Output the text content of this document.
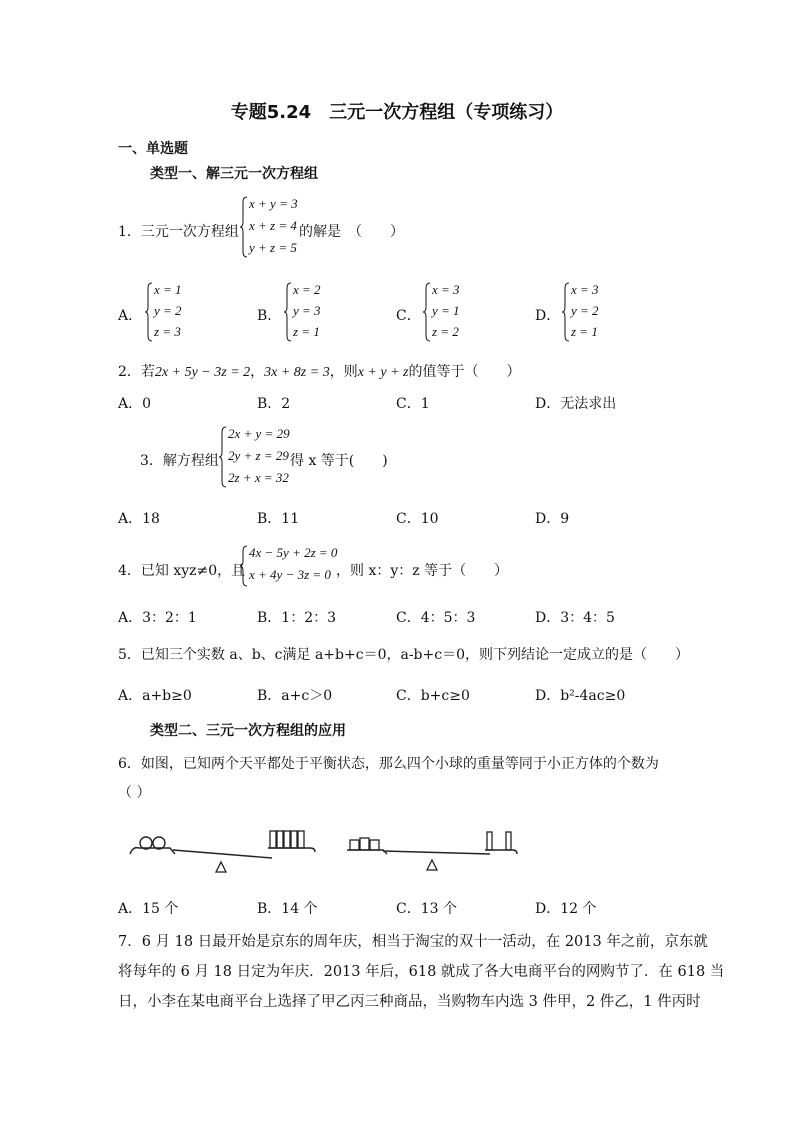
专题5.24　三元一次方程组（专项练习）
一、单选题
类型一、解三元一次方程组
1．三元一次方程组
x + y = 3
x + z = 4
y + z = 5
的解是　（　　）
A．
x = 1
y = 2
z = 3
B．
x = 2
y = 3
z = 1
C．
x = 3
y = 1
z = 2
D．
x = 3
y = 2
z = 1
2．若2x + 5y − 3z = 2，3x + 8z = 3，则x + y + z的值等于（　　）
A．0	B．2	C．1	D．无法求出
3．解方程组
2x + y = 29
2y + z = 29
2z + x = 32
得 x 等于(　　)
A．18	B．11	C．10	D．9
4．已知 xyz≠0，且
4x − 5y + 2z = 0
x + 4y − 3z = 0 ，则 x：y：z 等于（　　）
A．3：2：1	B．1：2：3	C．4：5：3	D．3：4：5
5．已知三个实数 a、b、c满足 a+b+c＝0，a-b+c＝0，则下列结论一定成立的是（　　）
A．a+b≥0	B．a+c＞0	C．b+c≥0	D．b²-4ac≥0
类型二、三元一次方程组的应用
6．如图，已知两个天平都处于平衡状态，那么四个小球的重量等同于小正方体的个数为
（ ）
A．15 个	B．14 个	C．13 个	D．12 个
7．6 月 18 日最开始是京东的周年庆，相当于淘宝的双十一活动，在 2013 年之前，京东就
将每年的 6 月 18 日定为年庆．2013 年后，618 就成了各大电商平台的网购节了．在 618 当
日，小李在某电商平台上选择了甲乙丙三种商品，当购物车内选 3 件甲，2 件乙，1 件丙时
